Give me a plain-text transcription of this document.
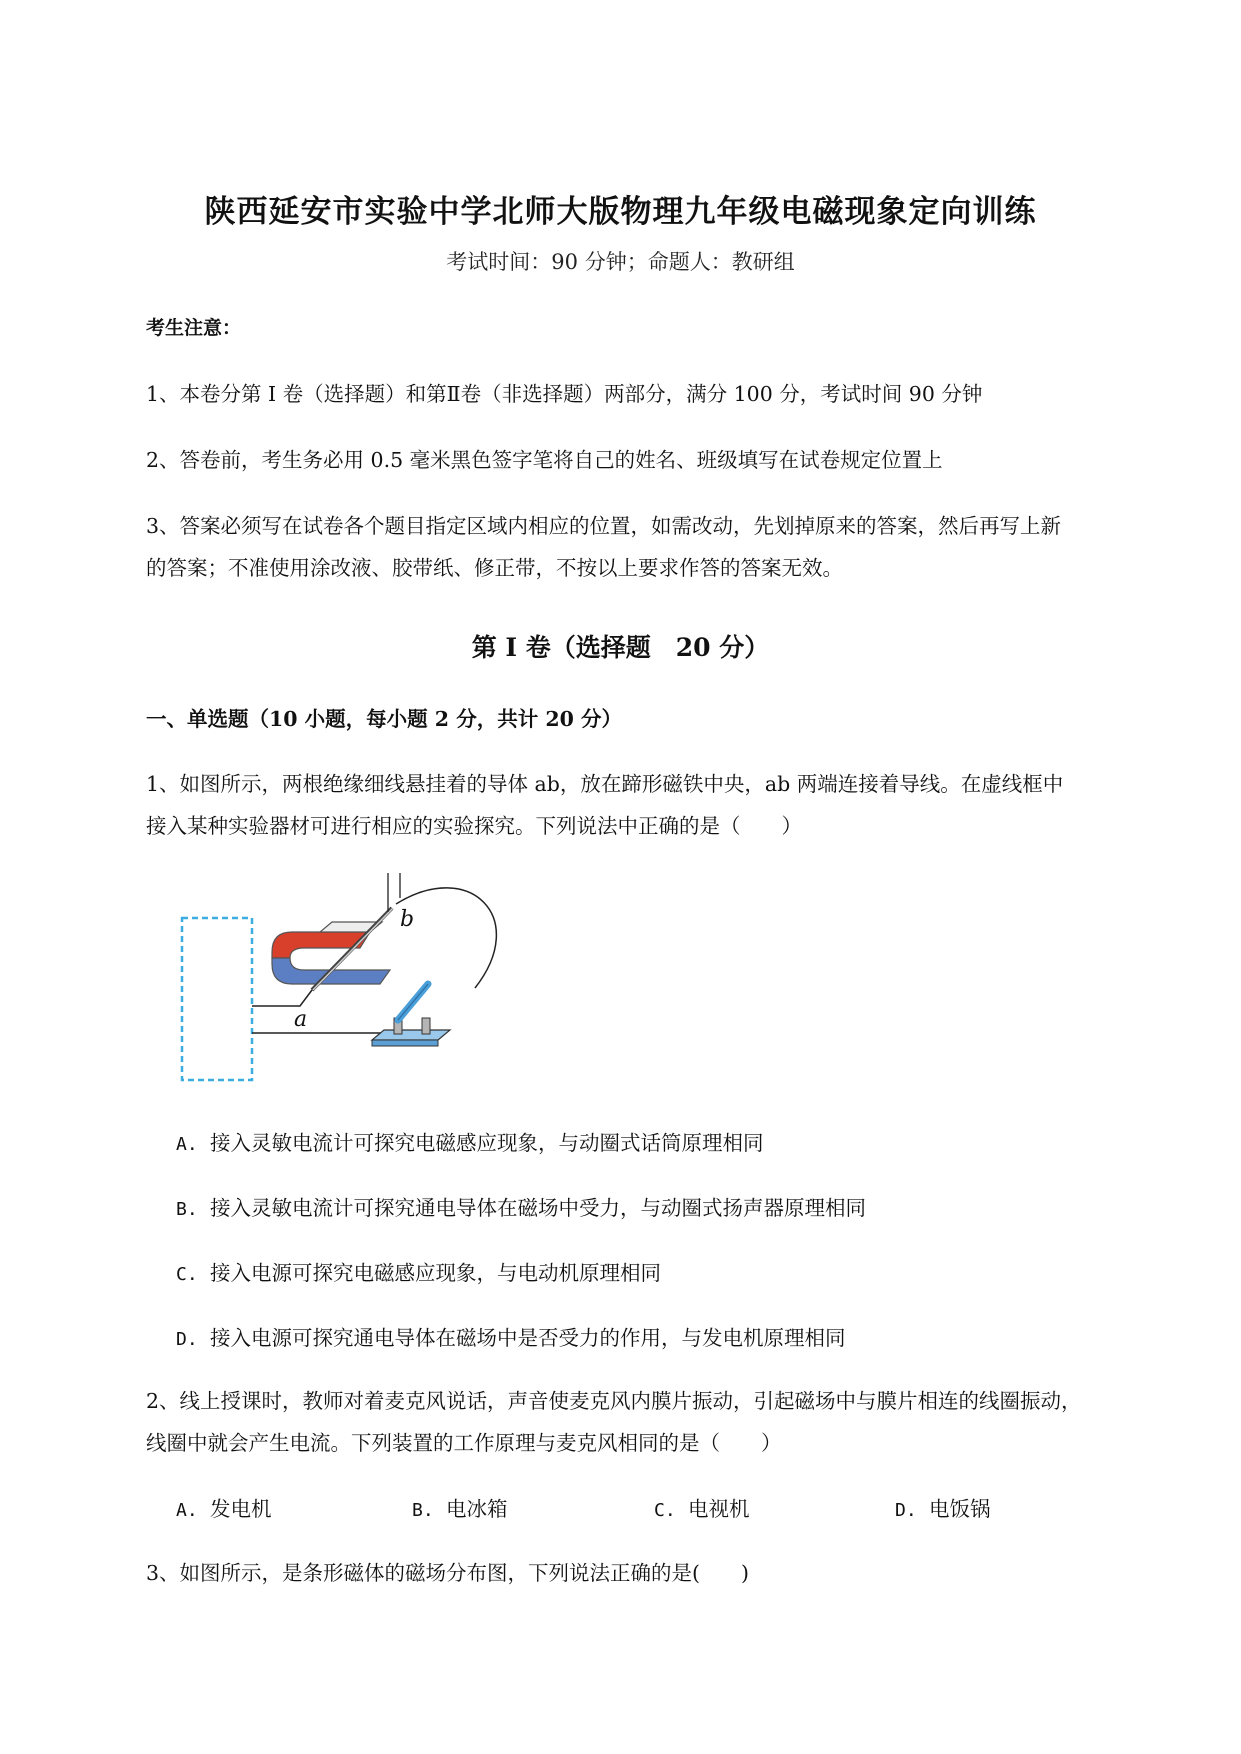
陕西延安市实验中学北师大版物理九年级电磁现象定向训练
考试时间：90 分钟；命题人：教研组
考生注意：
1、本卷分第 I 卷（选择题）和第Ⅱ卷（非选择题）两部分，满分 100 分，考试时间 90 分钟
2、答卷前，考生务必用 0.5 毫米黑色签字笔将自己的姓名、班级填写在试卷规定位置上
3、答案必须写在试卷各个题目指定区域内相应的位置，如需改动，先划掉原来的答案，然后再写上新
的答案；不准使用涂改液、胶带纸、修正带，不按以上要求作答的答案无效。
第 I 卷（选择题　20 分）
一、单选题（10 小题，每小题 2 分，共计 20 分）
1、如图所示，两根绝缘细线悬挂着的导体 ab，放在蹄形磁铁中央，ab 两端连接着导线。在虚线框中
接入某种实验器材可进行相应的实验探究。下列说法中正确的是（　　）
b
a
A. 接入灵敏电流计可探究电磁感应现象，与动圈式话筒原理相同
B. 接入灵敏电流计可探究通电导体在磁场中受力，与动圈式扬声器原理相同
C. 接入电源可探究电磁感应现象，与电动机原理相同
D. 接入电源可探究通电导体在磁场中是否受力的作用，与发电机原理相同
2、线上授课时，教师对着麦克风说话，声音使麦克风内膜片振动，引起磁场中与膜片相连的线圈振动，
线圈中就会产生电流。下列装置的工作原理与麦克风相同的是（　　）
A. 发电机	B. 电冰箱	C. 电视机	D. 电饭锅
3、如图所示，是条形磁体的磁场分布图，下列说法正确的是(　　)
